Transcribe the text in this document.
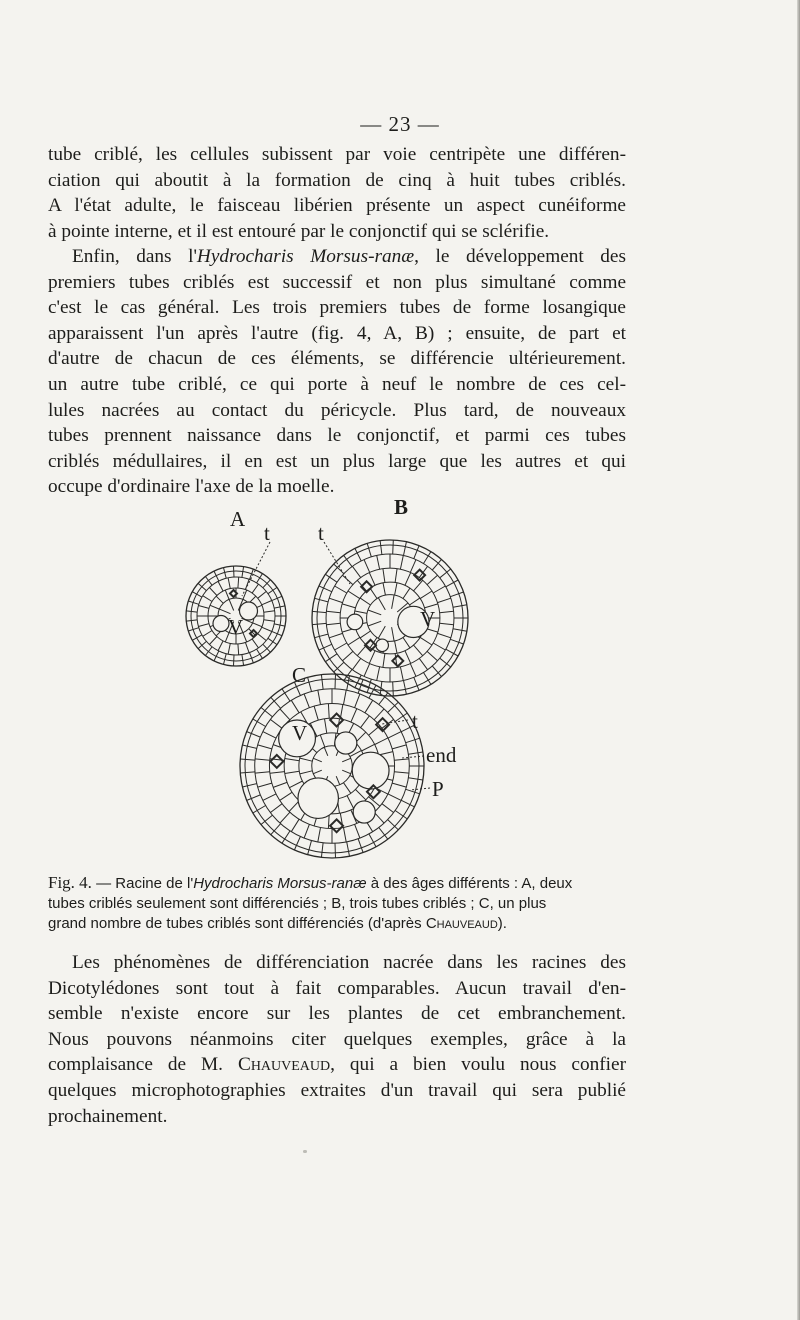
— 23 —
tube criblé, les cellules subissent par voie centripète une différen-
ciation qui aboutit à la formation de cinq à huit tubes criblés.
A l'état adulte, le faisceau libérien présente un aspect cunéiforme
à pointe interne, et il est entouré par le conjonctif qui se sclérifie.
Enfin, dans l'Hydrocharis Morsus-ranæ, le développement des
premiers tubes criblés est successif et non plus simultané comme
c'est le cas général. Les trois premiers tubes de forme losangique
apparaissent l'un après l'autre (fig. 4, A, B) ; ensuite, de part et
d'autre de chacun de ces éléments, se différencie ultérieurement.
un autre tube criblé, ce qui porte à neuf le nombre de ces cel-
lules nacrées au contact du péricycle. Plus tard, de nouveaux
tubes prennent naissance dans le conjonctif, et parmi ces tubes
criblés médullaires, il en est un plus large que les autres et qui
occupe d'ordinaire l'axe de la moelle.
A
t t
B
C
V	V
V	t
end
P

Fig. 4. — Racine de l'Hydrocharis Morsus-ranæ à des âges différents : A, deux
tubes criblés seulement sont différenciés ; B, trois tubes criblés ; C, un plus
grand nombre de tubes criblés sont différenciés (d'après Chauveaud).

Les phénomènes de différenciation nacrée dans les racines des
Dicotylédones sont tout à fait comparables. Aucun travail d'en-
semble n'existe encore sur les plantes de cet embranchement.
Nous pouvons néanmoins citer quelques exemples, grâce à la
complaisance de M. Chauveaud, qui a bien voulu nous confier
quelques microphotographies extraites d'un travail qui sera publié
prochainement.
